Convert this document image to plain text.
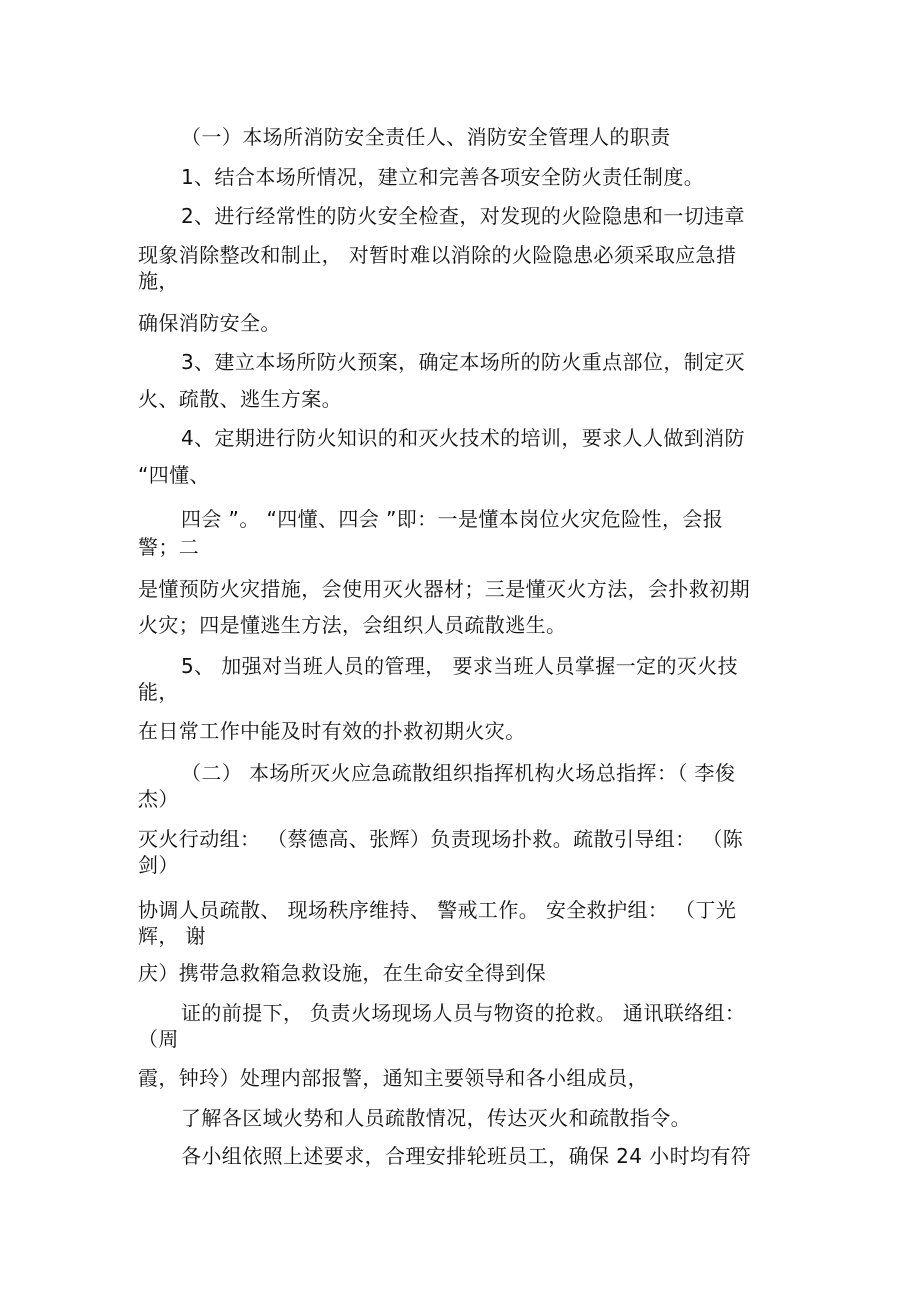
（一）本场所消防安全责任人、消防安全管理人的职责
1、结合本场所情况，建立和完善各项安全防火责任制度。
2、进行经常性的防火安全检查，对发现的火险隐患和一切违章
现象消除整改和制止， 对暂时难以消除的火险隐患必须采取应急措
施，
确保消防安全。
3、建立本场所防火预案，确定本场所的防火重点部位，制定灭
火、疏散、逃生方案。
4、定期进行防火知识的和灭火技术的培训，要求人人做到消防
“四懂、
四会 ”。 “四懂、四会 ”即：一是懂本岗位火灾危险性，会报
警；二
是懂预防火灾措施，会使用灭火器材；三是懂灭火方法，会扑救初期
火灾；四是懂逃生方法，会组织人员疏散逃生。
5、 加强对当班人员的管理， 要求当班人员掌握一定的灭火技
能，
在日常工作中能及时有效的扑救初期火灾。
（二） 本场所灭火应急疏散组织指挥机构火场总指挥：（ 李俊
杰）
灭火行动组： （蔡德高、张辉）负责现场扑救。疏散引导组： （陈
剑）
协调人员疏散、 现场秩序维持、 警戒工作。 安全救护组： （丁光
辉， 谢
庆）携带急救箱急救设施，在生命安全得到保
证的前提下， 负责火场现场人员与物资的抢救。 通讯联络组：
（周
霞，钟玲）处理内部报警，通知主要领导和各小组成员，
了解各区域火势和人员疏散情况，传达灭火和疏散指令。
各小组依照上述要求，合理安排轮班员工，确保 24 小时均有符
